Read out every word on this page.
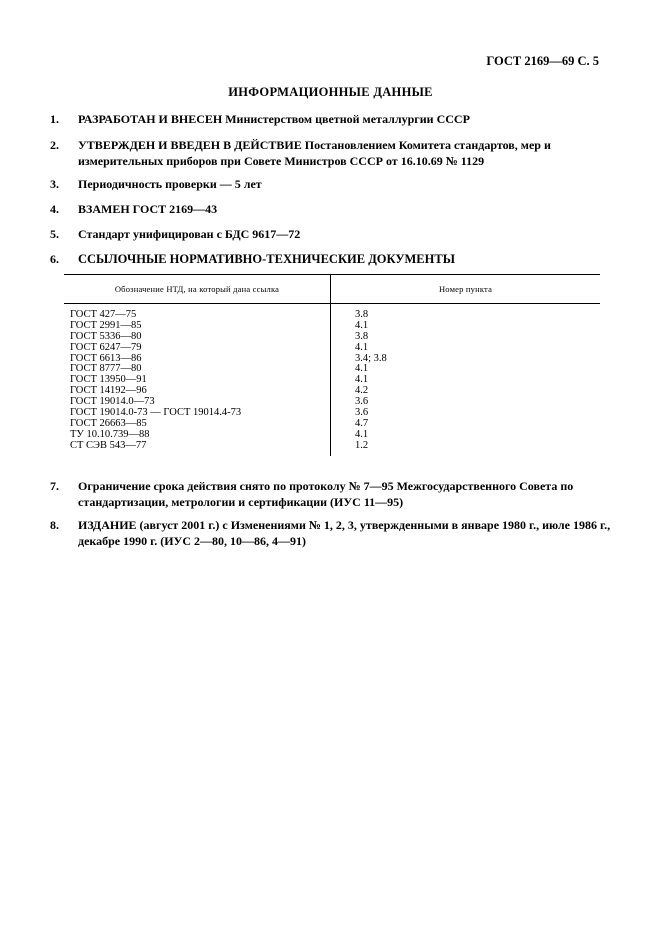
ГОСТ 2169—69 С. 5
ИНФОРМАЦИОННЫЕ ДАННЫЕ
1. РАЗРАБОТАН И ВНЕСЕН Министерством цветной металлургии СССР
2. УТВЕРЖДЕН И ВВЕДЕН В ДЕЙСТВИЕ Постановлением Комитета стандартов, мер и измерительных приборов при Совете Министров СССР от 16.10.69 № 1129
3. Периодичность проверки — 5 лет
4. ВЗАМЕН ГОСТ 2169—43
5. Стандарт унифицирован с БДС 9617—72
6. ССЫЛОЧНЫЕ НОРМАТИВНО-ТЕХНИЧЕСКИЕ ДОКУМЕНТЫ
Обозначение НТД, на который дана ссылка	Номер пункта
ГОСТ 427—75
ГОСТ 2991—85
ГОСТ 5336—80
ГОСТ 6247—79
ГОСТ 6613—86
ГОСТ 8777—80
ГОСТ 13950—91
ГОСТ 14192—96
ГОСТ 19014.0—73
ГОСТ 19014.0-73 — ГОСТ 19014.4-73
ГОСТ 26663—85
ТУ 10.10.739—88
СТ СЭВ 543—77
3.8
4.1
3.8
4.1
3.4; 3.8
4.1
4.1
4.2
3.6
3.6
4.7
4.1
1.2
7. Ограничение срока действия снято по протоколу № 7—95 Межгосударственного Совета по стандартизации, метрологии и сертификации (ИУС 11—95)
8. ИЗДАНИЕ (август 2001 г.) с Изменениями № 1, 2, 3, утвержденными в январе 1980 г., июле 1986 г., декабре 1990 г. (ИУС 2—80, 10—86, 4—91)
